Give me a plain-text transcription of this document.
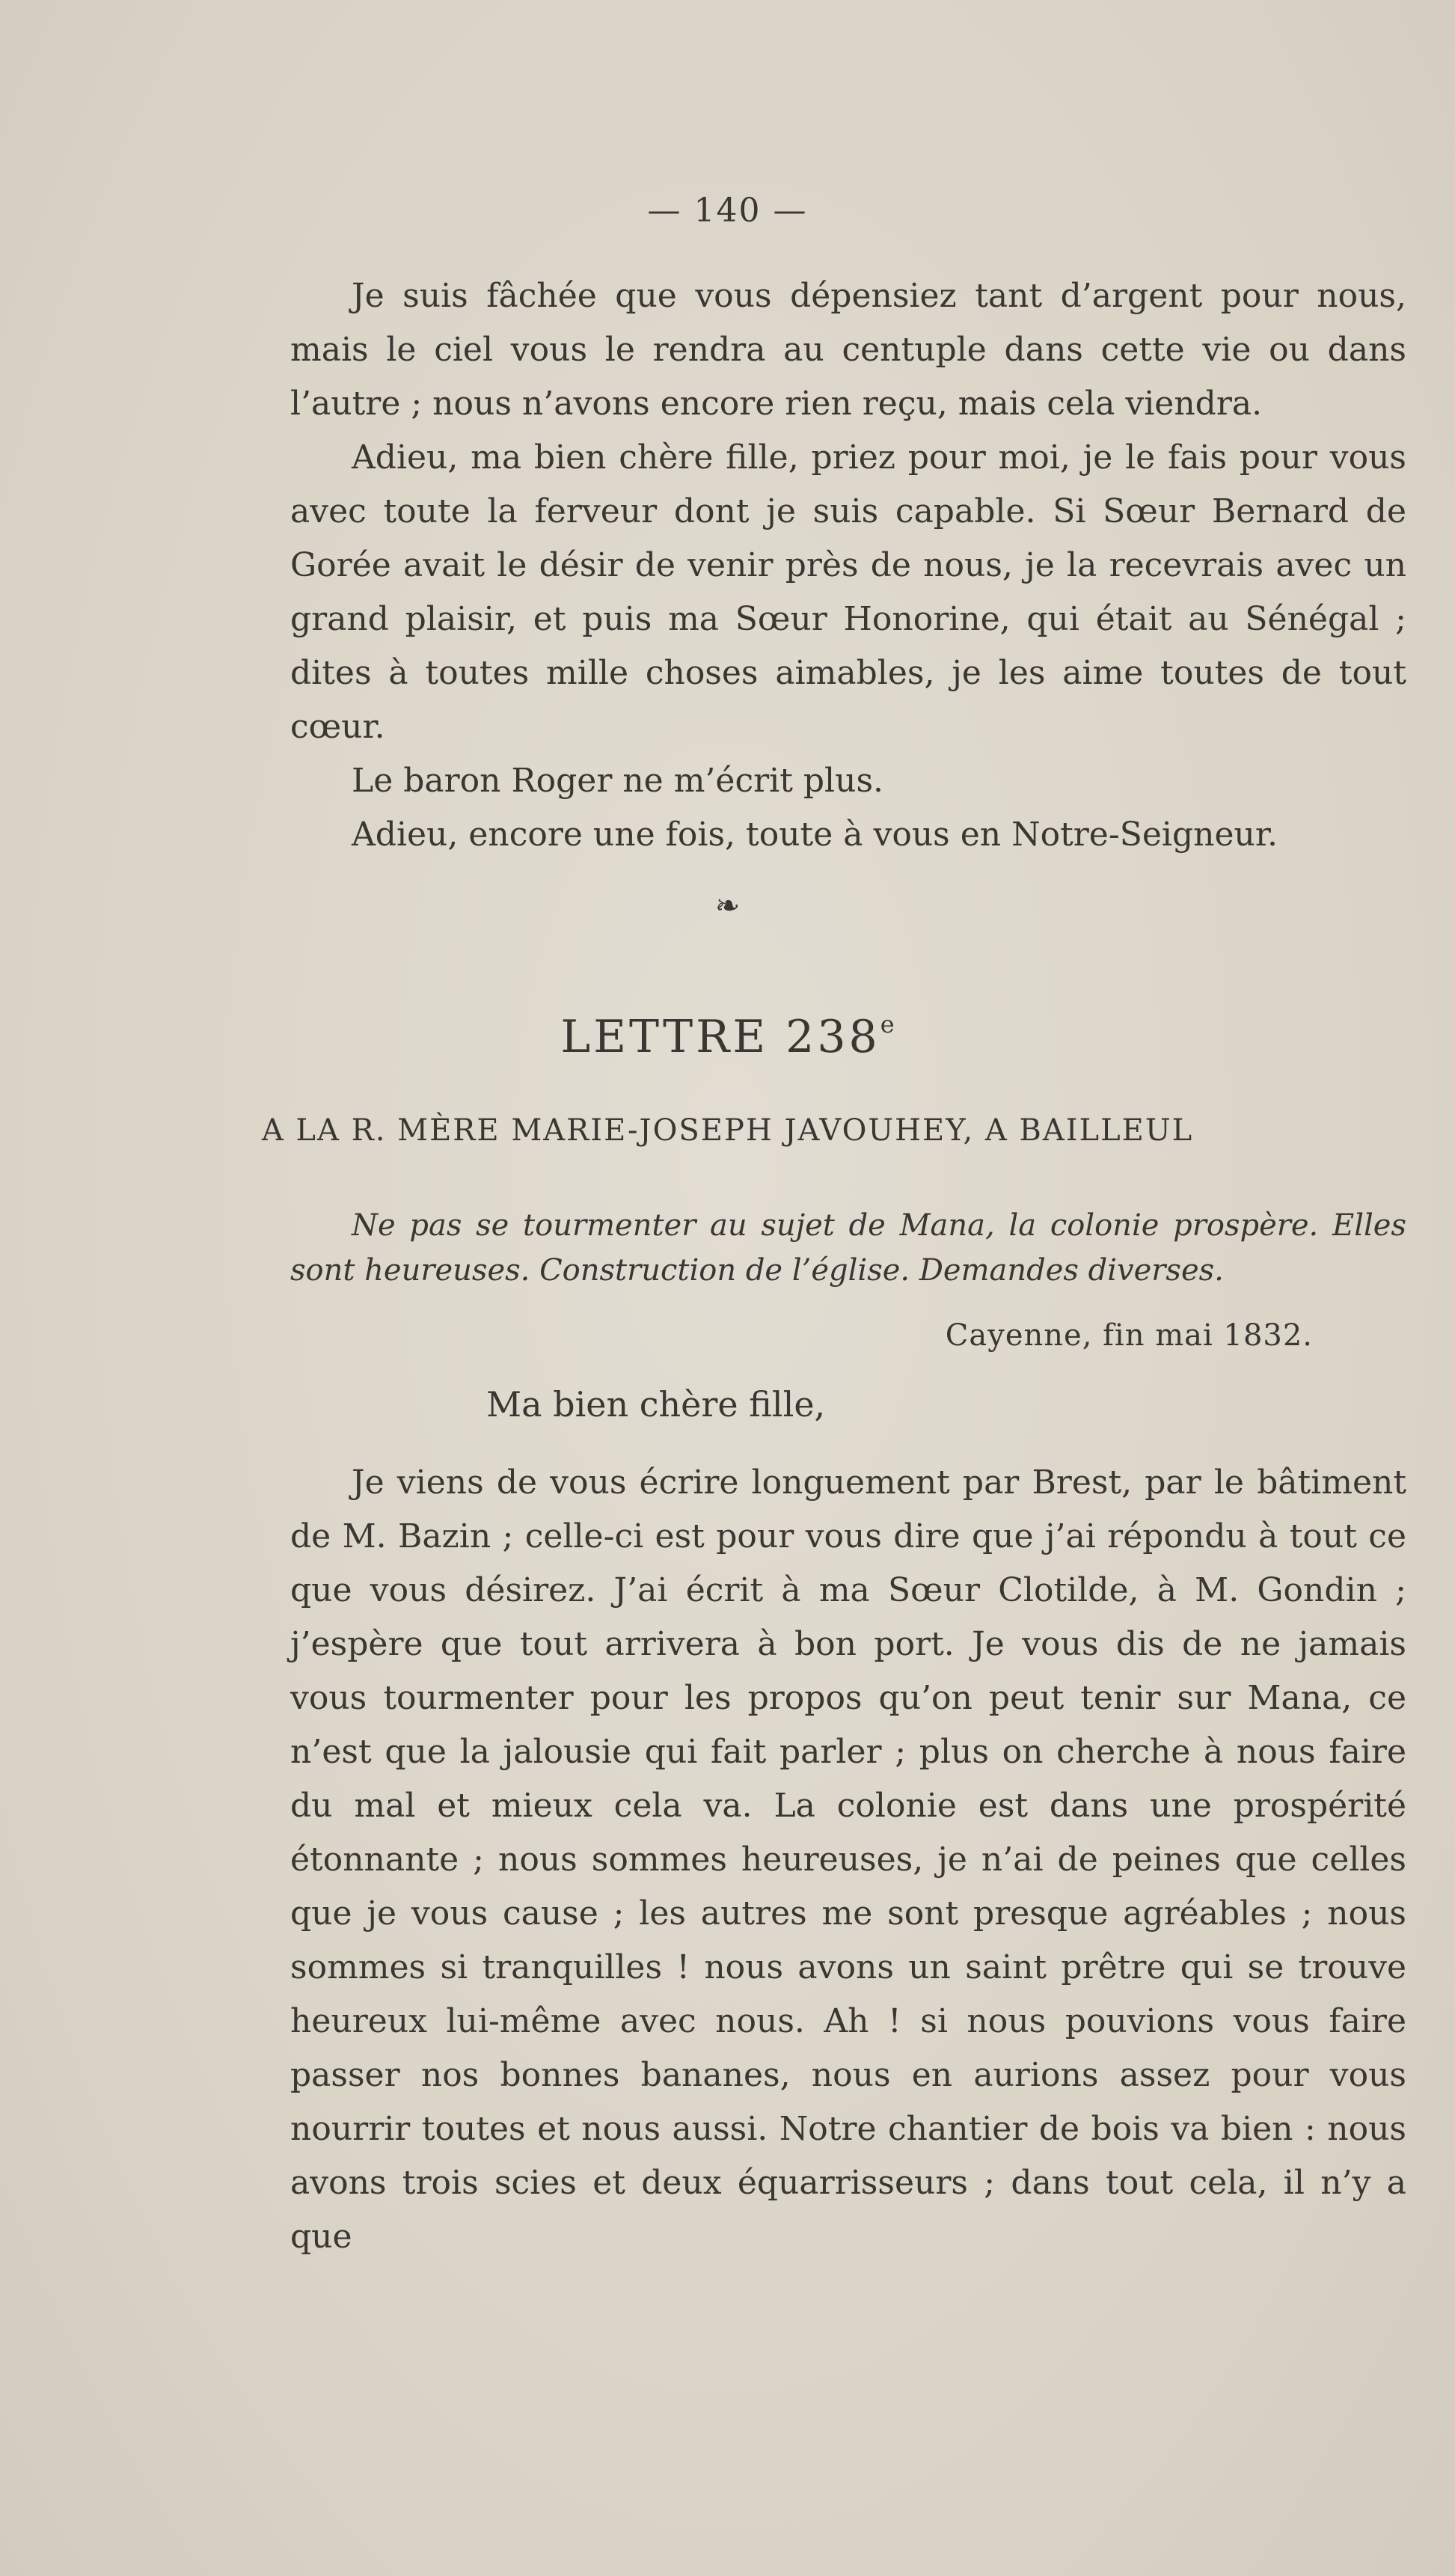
— 140 —

Je suis fâchée que vous dépensiez tant d’argent pour nous, mais le ciel vous le rendra au centuple dans cette vie ou dans l’autre ; nous n’avons encore rien reçu, mais cela viendra.

Adieu, ma bien chère fille, priez pour moi, je le fais pour vous avec toute la ferveur dont je suis capable. Si Sœur Bernard de Gorée avait le désir de venir près de nous, je la recevrais avec un grand plaisir, et puis ma Sœur Honorine, qui était au Sénégal ; dites à toutes mille choses aimables, je les aime toutes de tout cœur.

Le baron Roger ne m’écrit plus.

Adieu, encore une fois, toute à vous en Notre-Seigneur.

❧
LETTRE 238e
A LA R. MÈRE MARIE-JOSEPH JAVOUHEY, A BAILLEUL
Ne pas se tourmenter au sujet de Mana, la colonie prospère. Elles sont heureuses. Construction de l’église. Demandes diverses.
Cayenne, fin mai 1832.
Ma bien chère fille,

Je viens de vous écrire longuement par Brest, par le bâtiment de M. Bazin ; celle-ci est pour vous dire que j’ai répondu à tout ce que vous désirez. J’ai écrit à ma Sœur Clotilde, à M. Gondin ; j’espère que tout arrivera à bon port. Je vous dis de ne jamais vous tourmenter pour les propos qu’on peut tenir sur Mana, ce n’est que la jalousie qui fait parler ; plus on cherche à nous faire du mal et mieux cela va. La colonie est dans une prospérité étonnante ; nous sommes heureuses, je n’ai de peines que celles que je vous cause ; les autres me sont presque agréables ; nous sommes si tranquilles ! nous avons un saint prêtre qui se trouve heureux lui-même avec nous. Ah ! si nous pouvions vous faire passer nos bonnes bananes, nous en aurions assez pour vous nourrir toutes et nous aussi. Notre chantier de bois va bien : nous avons trois scies et deux équarrisseurs ; dans tout cela, il n’y a que
